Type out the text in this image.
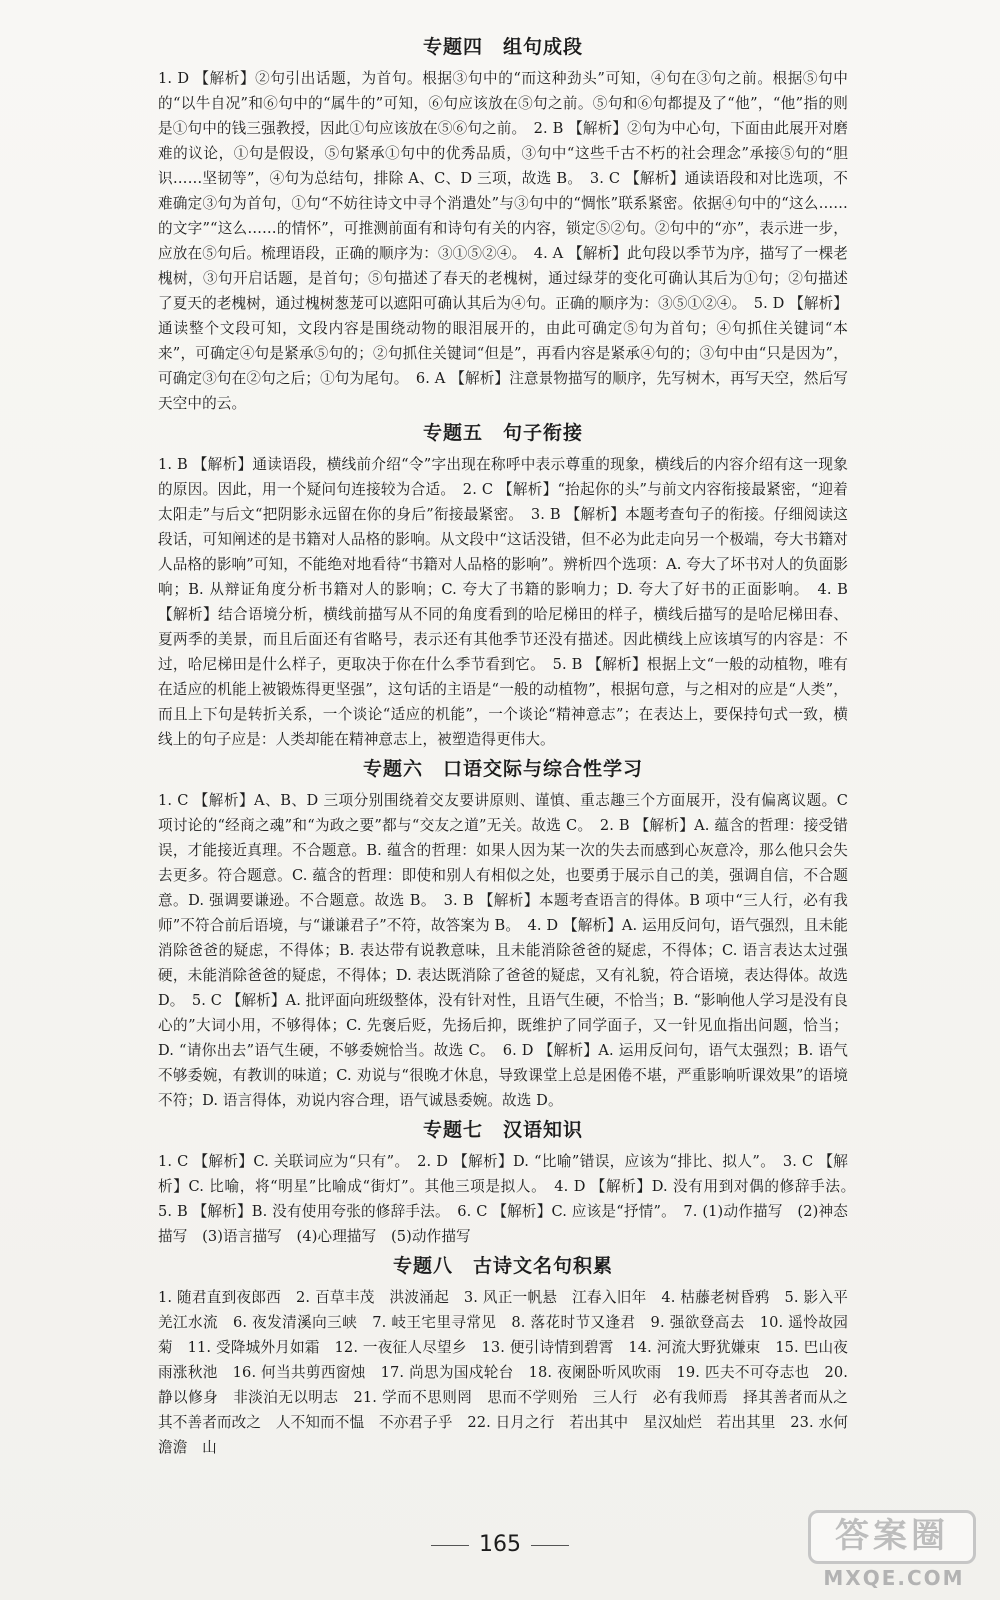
专题四　组句成段

1. D 【解析】②句引出话题，为首句。根据③句中的“而这种劲头”可知，④句在③句之前。根据⑤句中的“以牛自况”和⑥句中的“属牛的”可知，⑥句应该放在⑤句之前。⑤句和⑥句都提及了“他”，“他”指的则是①句中的钱三强教授，因此①句应该放在⑤⑥句之前。　2. B 【解析】②句为中心句，下面由此展开对磨难的议论，①句是假设，⑤句紧承①句中的优秀品质，③句中“这些千古不朽的社会理念”承接⑤句的“胆识……坚韧等”，④句为总结句，排除 A、C、D 三项，故选 B。　3. C 【解析】通读语段和对比选项，不难确定③句为首句，①句“不妨往诗文中寻个消遣处”与③句中的“惆怅”联系紧密。依据④句中的“这么……的文字”“这么……的情怀”，可推测前面有和诗句有关的内容，锁定⑤②句。②句中的“亦”，表示进一步，应放在⑤句后。梳理语段，正确的顺序为：③①⑤②④。　4. A 【解析】此句段以季节为序，描写了一棵老槐树，③句开启话题，是首句；⑤句描述了春天的老槐树，通过绿芽的变化可确认其后为①句；②句描述了夏天的老槐树，通过槐树葱茏可以遮阳可确认其后为④句。正确的顺序为：③⑤①②④。　5. D 【解析】通读整个文段可知，文段内容是围绕动物的眼泪展开的，由此可确定⑤句为首句；④句抓住关键词“本来”，可确定④句是紧承⑤句的；②句抓住关键词“但是”，再看内容是紧承④句的；③句中由“只是因为”，可确定③句在②句之后；①句为尾句。　6. A 【解析】注意景物描写的顺序，先写树木，再写天空，然后写天空中的云。

专题五　句子衔接

1. B 【解析】通读语段，横线前介绍“令”字出现在称呼中表示尊重的现象，横线后的内容介绍有这一现象的原因。因此，用一个疑问句连接较为合适。　2. C 【解析】“抬起你的头”与前文内容衔接最紧密，“迎着太阳走”与后文“把阴影永远留在你的身后”衔接最紧密。　3. B 【解析】本题考查句子的衔接。仔细阅读这段话，可知阐述的是书籍对人品格的影响。从文段中“这话没错，但不必为此走向另一个极端，夸大书籍对人品格的影响”可知，不能绝对地看待“书籍对人品格的影响”。辨析四个选项：A. 夸大了坏书对人的负面影响；B. 从辩证角度分析书籍对人的影响；C. 夸大了书籍的影响力；D. 夸大了好书的正面影响。　4. B 【解析】结合语境分析，横线前描写从不同的角度看到的哈尼梯田的样子，横线后描写的是哈尼梯田春、夏两季的美景，而且后面还有省略号，表示还有其他季节还没有描述。因此横线上应该填写的内容是：不过，哈尼梯田是什么样子，更取决于你在什么季节看到它。　5. B 【解析】根据上文“一般的动植物，唯有在适应的机能上被锻炼得更坚强”，这句话的主语是“一般的动植物”，根据句意，与之相对的应是“人类”，而且上下句是转折关系，一个谈论“适应的机能”，一个谈论“精神意志”；在表达上，要保持句式一致，横线上的句子应是：人类却能在精神意志上，被塑造得更伟大。

专题六　口语交际与综合性学习

1. C 【解析】A、B、D 三项分别围绕着交友要讲原则、谨慎、重志趣三个方面展开，没有偏离议题。C 项讨论的“经商之魂”和“为政之要”都与“交友之道”无关。故选 C。　2. B 【解析】A. 蕴含的哲理：接受错误，才能接近真理。不合题意。B. 蕴含的哲理：如果人因为某一次的失去而感到心灰意冷，那么他只会失去更多。符合题意。C. 蕴含的哲理：即使和别人有相似之处，也要勇于展示自己的美，强调自信，不合题意。D. 强调要谦逊。不合题意。故选 B。　3. B 【解析】本题考查语言的得体。B 项中“三人行，必有我师”不符合前后语境，与“谦谦君子”不符，故答案为 B。　4. D 【解析】A. 运用反问句，语气强烈，且未能消除爸爸的疑虑，不得体；B. 表达带有说教意味，且未能消除爸爸的疑虑，不得体；C. 语言表达太过强硬，未能消除爸爸的疑虑，不得体；D. 表达既消除了爸爸的疑虑，又有礼貌，符合语境，表达得体。故选 D。　5. C 【解析】A. 批评面向班级整体，没有针对性，且语气生硬，不恰当；B. “影响他人学习是没有良心的”大词小用，不够得体；C. 先褒后贬，先扬后抑，既维护了同学面子，又一针见血指出问题，恰当；D. “请你出去”语气生硬，不够委婉恰当。故选 C。　6. D 【解析】A. 运用反问句，语气太强烈；B. 语气不够委婉，有教训的味道；C. 劝说与“很晚才休息，导致课堂上总是困倦不堪，严重影响听课效果”的语境不符；D. 语言得体，劝说内容合理，语气诚恳委婉。故选 D。

专题七　汉语知识

1. C 【解析】C. 关联词应为“只有”。　2. D 【解析】D. “比喻”错误，应该为“排比、拟人”。　3. C 【解析】C. 比喻，将“明星”比喻成“街灯”。其他三项是拟人。　4. D 【解析】D. 没有用到对偶的修辞手法。　5. B 【解析】B. 没有使用夸张的修辞手法。　6. C 【解析】C. 应该是“抒情”。　7. (1)动作描写　(2)神态描写　(3)语言描写　(4)心理描写　(5)动作描写

专题八　古诗文名句积累

1. 随君直到夜郎西　2. 百草丰茂　洪波涌起　3. 风正一帆悬　江春入旧年　4. 枯藤老树昏鸦　5. 影入平羌江水流　6. 夜发清溪向三峡　7. 岐王宅里寻常见　8. 落花时节又逢君　9. 强欲登高去　10. 遥怜故园菊　11. 受降城外月如霜　12. 一夜征人尽望乡　13. 便引诗情到碧霄　14. 河流大野犹嫌束　15. 巴山夜雨涨秋池　16. 何当共剪西窗烛　17. 尚思为国戍轮台　18. 夜阑卧听风吹雨　19. 匹夫不可夺志也　20. 静以修身　非淡泊无以明志　21. 学而不思则罔　思而不学则殆　三人行　必有我师焉　择其善者而从之　其不善者而改之　人不知而不愠　不亦君子乎　22. 日月之行　若出其中　星汉灿烂　若出其里　23. 水何澹澹　山

165	答案圈
MXQE.COM
